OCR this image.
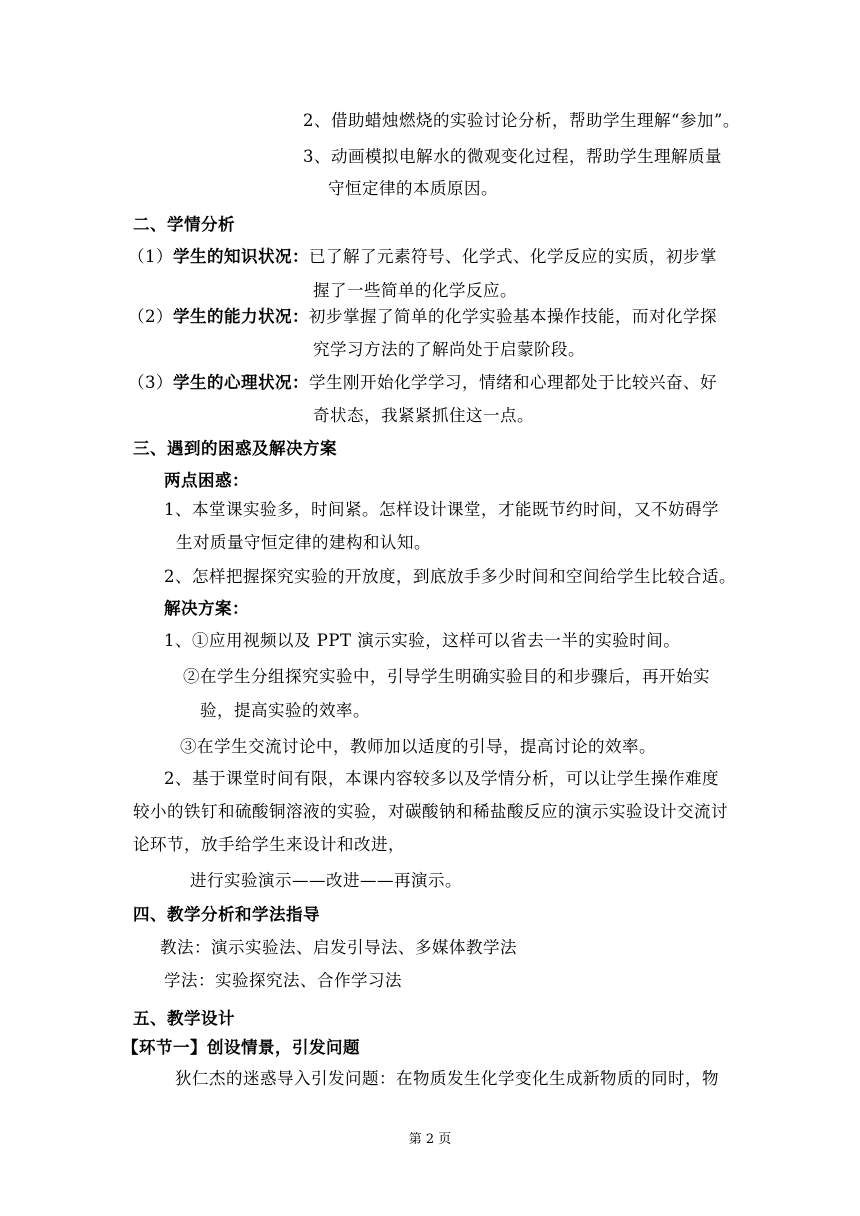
2、借助蜡烛燃烧的实验讨论分析，帮助学生理解“参加”。
3、动画模拟电解水的微观变化过程，帮助学生理解质量
守恒定律的本质原因。
二、学情分析
（1）学生的知识状况：已了解了元素符号、化学式、化学反应的实质，初步掌
握了一些简单的化学反应。
（2）学生的能力状况：初步掌握了简单的化学实验基本操作技能，而对化学探
究学习方法的了解尚处于启蒙阶段。
（3）学生的心理状况：学生刚开始化学学习，情绪和心理都处于比较兴奋、好
奇状态，我紧紧抓住这一点。
三、遇到的困惑及解决方案
两点困惑：
1、本堂课实验多，时间紧。怎样设计课堂，才能既节约时间，又不妨碍学
生对质量守恒定律的建构和认知。
2、怎样把握探究实验的开放度，到底放手多少时间和空间给学生比较合适。
解决方案：
1、①应用视频以及 PPT 演示实验，这样可以省去一半的实验时间。
②在学生分组探究实验中，引导学生明确实验目的和步骤后，再开始实
验，提高实验的效率。
③在学生交流讨论中，教师加以适度的引导，提高讨论的效率。
2、基于课堂时间有限，本课内容较多以及学情分析，可以让学生操作难度
较小的铁钉和硫酸铜溶液的实验，对碳酸钠和稀盐酸反应的演示实验设计交流讨
论环节，放手给学生来设计和改进，
进行实验演示——改进——再演示。
四、教学分析和学法指导
教法：演示实验法、启发引导法、多媒体教学法
学法：实验探究法、合作学习法
五、教学设计
【环节一】创设情景，引发问题
狄仁杰的迷惑导入引发问题：在物质发生化学变化生成新物质的同时，物
第 2 页
